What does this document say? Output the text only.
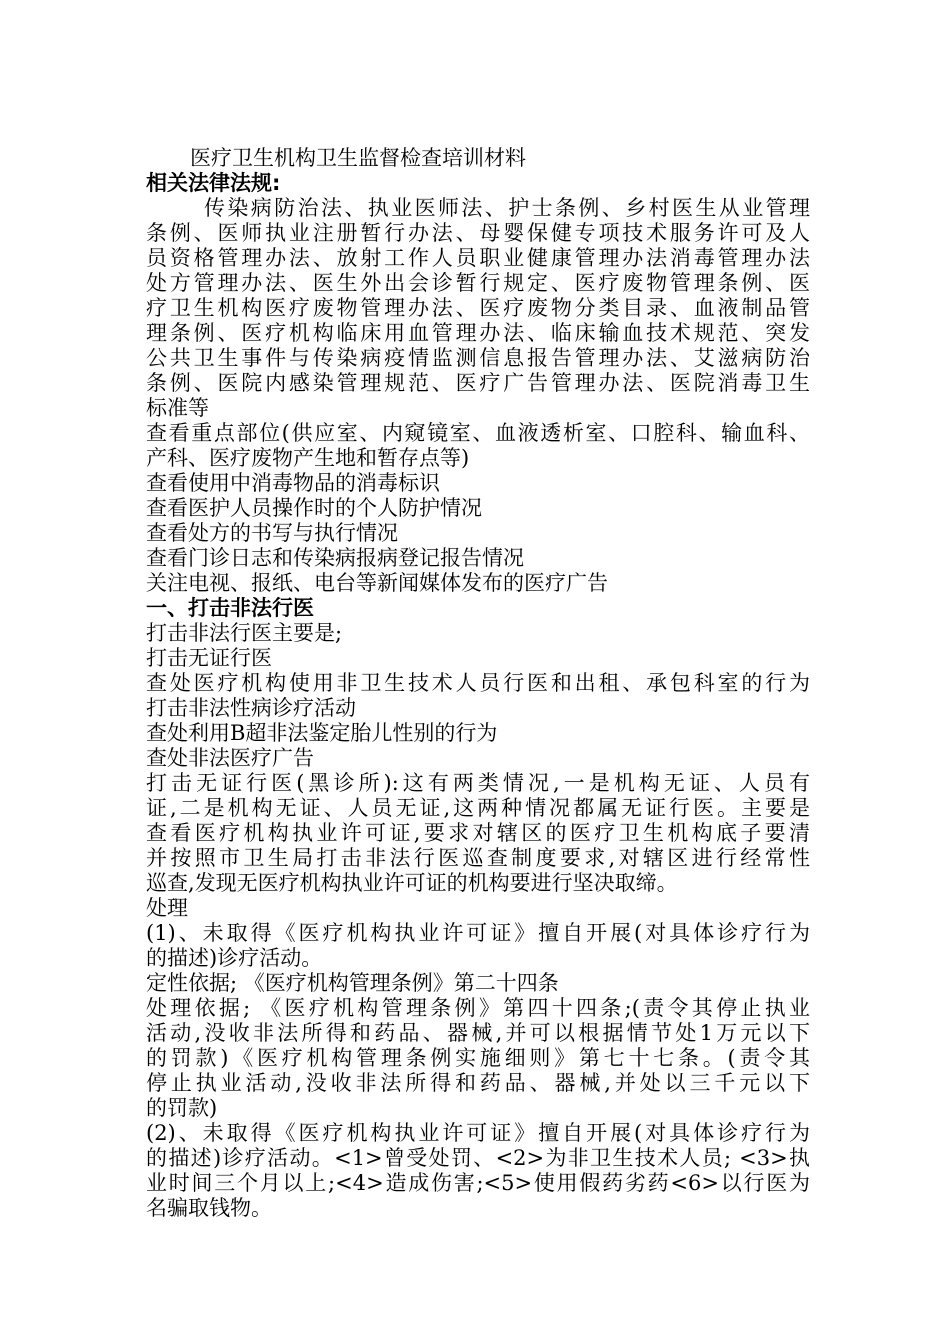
医疗卫生机构卫生监督检查培训材料
相关法律法规:
传染病防治法、执业医师法、护士条例、乡村医生从业管理
条例、医师执业注册暂行办法、母婴保健专项技术服务许可及人
员资格管理办法、放射工作人员职业健康管理办法消毒管理办法
处方管理办法、医生外出会诊暂行规定、医疗废物管理条例、医
疗卫生机构医疗废物管理办法、医疗废物分类目录、血液制品管
理条例、医疗机构临床用血管理办法、临床输血技术规范、突发
公共卫生事件与传染病疫情监测信息报告管理办法、艾滋病防治
条例、医院内感染管理规范、医疗广告管理办法、医院消毒卫生
标准等
查看重点部位(供应室、内窥镜室、血液透析室、口腔科、输血科、
产科、医疗废物产生地和暂存点等)
查看使用中消毒物品的消毒标识
查看医护人员操作时的个人防护情况
查看处方的书写与执行情况
查看门诊日志和传染病报病登记报告情况
关注电视、报纸、电台等新闻媒体发布的医疗广告
一、打击非法行医
打击非法行医主要是;
打击无证行医
查处医疗机构使用非卫生技术人员行医和出租、承包科室的行为
打击非法性病诊疗活动
查处利用B超非法鉴定胎儿性别的行为
查处非法医疗广告
打击无证行医(黑诊所):这有两类情况,一是机构无证、人员有
证,二是机构无证、人员无证,这两种情况都属无证行医。主要是
查看医疗机构执业许可证,要求对辖区的医疗卫生机构底子要清
并按照市卫生局打击非法行医巡查制度要求,对辖区进行经常性
巡查,发现无医疗机构执业许可证的机构要进行坚决取缔。
处理
(1)、未取得《医疗机构执业许可证》擅自开展(对具体诊疗行为
的描述)诊疗活动。
定性依据; 《医疗机构管理条例》第二十四条
处理依据; 《医疗机构管理条例》第四十四条;(责令其停止执业
活动,没收非法所得和药品、器械,并可以根据情节处1万元以下
的罚款)《医疗机构管理条例实施细则》第七十七条。(责令其
停止执业活动,没收非法所得和药品、器械,并处以三千元以下
的罚款)
(2)、未取得《医疗机构执业许可证》擅自开展(对具体诊疗行为
的描述)诊疗活动。<1>曾受处罚、<2>为非卫生技术人员; <3>执
业时间三个月以上;<4>造成伤害;<5>使用假药劣药<6>以行医为
名骗取钱物。
